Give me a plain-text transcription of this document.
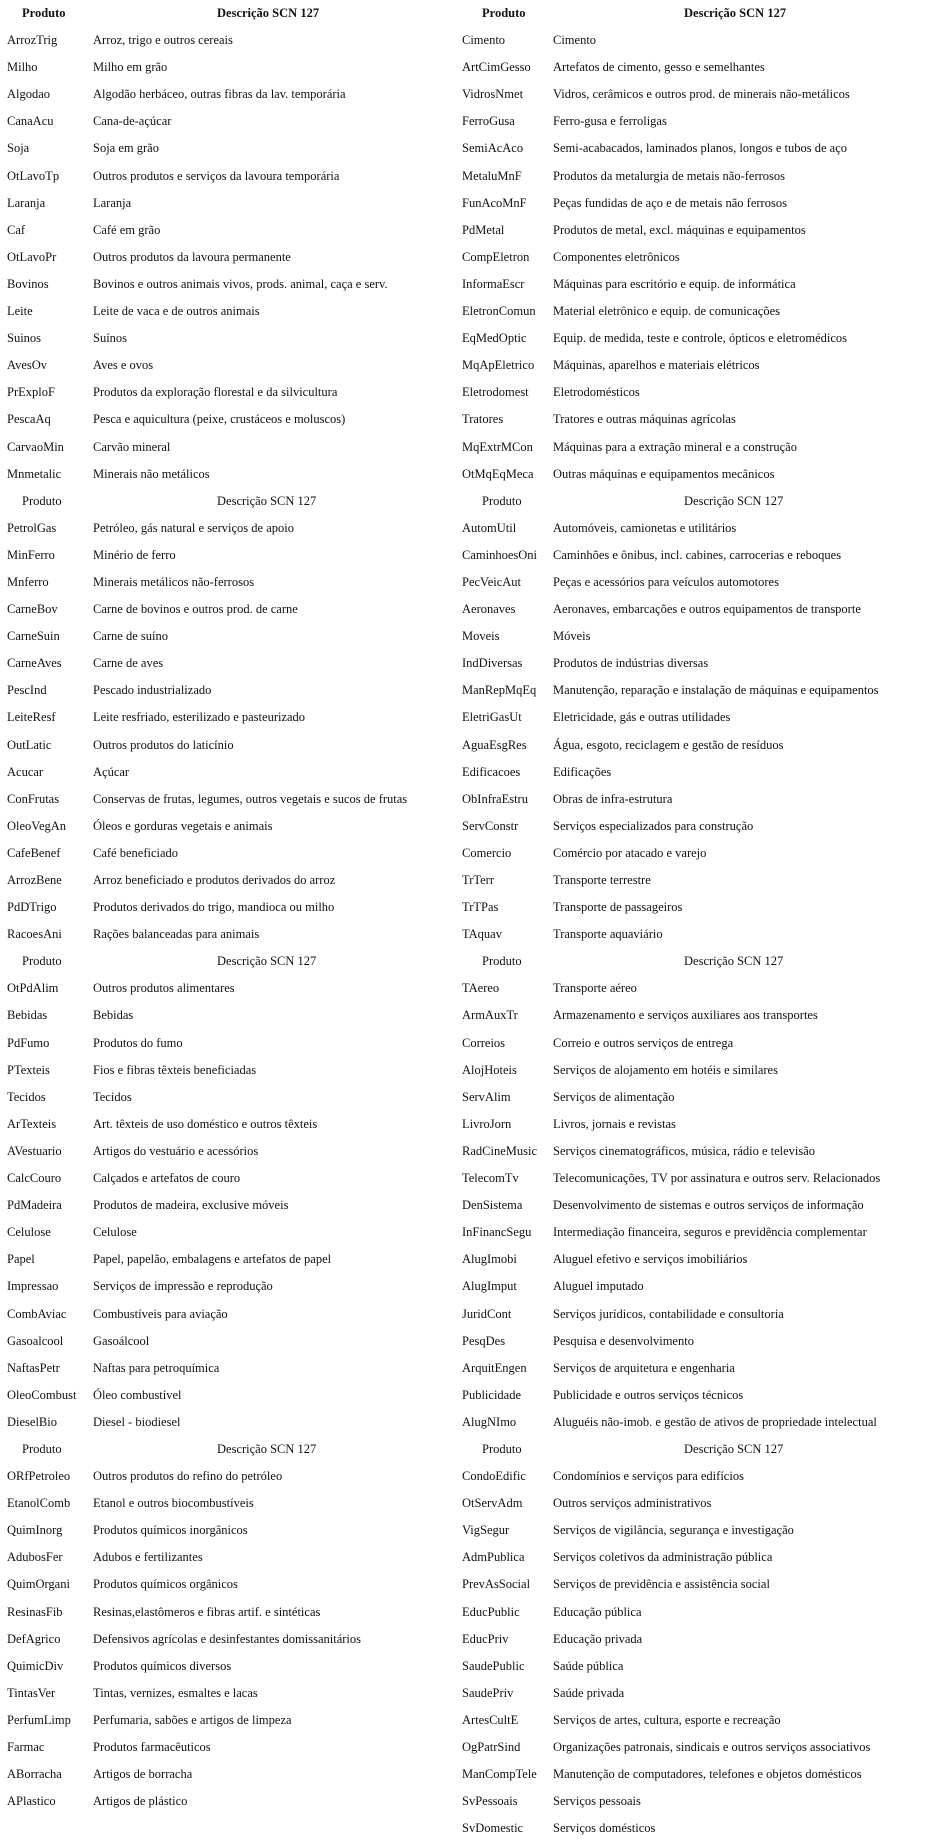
Produto	Descrição SCN 127
ArrozTrig	Arroz, trigo e outros cereais
Milho	Milho em grão
Algodao	Algodão herbáceo, outras fibras da lav. temporária
CanaAcu	Cana-de-açúcar
Soja	Soja em grão
OtLavoTp	Outros produtos e serviços da lavoura temporária
Laranja	Laranja
Caf	Café em grão
OtLavoPr	Outros produtos da lavoura permanente
Bovinos	Bovinos e outros animais vivos, prods. animal, caça e serv.
Leite	Leite de vaca e de outros animais
Suinos	Suínos
AvesOv	Aves e ovos
PrExploF	Produtos da exploração florestal e da silvicultura
PescaAq	Pesca e aquicultura (peixe, crustáceos e moluscos)
CarvaoMin Carvão mineral
Mnmetalic	Minerais não metálicos
Produto	Descrição SCN 127
PetrolGas	Petróleo, gás natural e serviços de apoio
MinFerro	Minério de ferro
Mnferro	Minerais metálicos não-ferrosos
CarneBov	Carne de bovinos e outros prod. de carne
CarneSuin	Carne de suíno
CarneAves	Carne de aves
PescInd	Pescado industrializado
LeiteResf	Leite resfriado, esterilizado e pasteurizado
OutLatic	Outros produtos do laticínio
Acucar	Açúcar
ConFrutas	Conservas de frutas, legumes, outros vegetais e sucos de frutas
OleoVegAn Óleos e gorduras vegetais e animais
CafeBenef	Café beneficiado
ArrozBene Arroz beneficiado e produtos derivados do arroz
PdDTrigo	Produtos derivados do trigo, mandioca ou milho
RacoesAni Rações balanceadas para animais
Produto	Descrição SCN 127
OtPdAlim	Outros produtos alimentares
Bebidas	Bebidas
PdFumo	Produtos do fumo
PTexteis	Fios e fibras têxteis beneficiadas
Tecidos	Tecidos
ArTexteis	Art. têxteis de uso doméstico e outros têxteis
AVestuario	Artigos do vestuário e acessórios
CalcCouro	Calçados e artefatos de couro
PdMadeira Produtos de madeira, exclusive móveis
Celulose	Celulose
Papel	Papel, papelão, embalagens e artefatos de papel
Impressao	Serviços de impressão e reprodução
CombAviac Combustíveis para aviação
Gasoalcool Gasoálcool
NaftasPetr	Naftas para petroquímica
OleoCombust Óleo combustível
DieselBio	Diesel - biodiesel
Produto	Descrição SCN 127
ORfPetroleo Outros produtos do refino do petróleo
EtanolComb Etanol e outros biocombustíveis
QuimInorg Produtos químicos inorgânicos
AdubosFer Adubos e fertilizantes
QuimOrgani Produtos químicos orgânicos
ResinasFib Resinas,elastômeros e fibras artif. e sintéticas
DefAgrico	Defensivos agrícolas e desinfestantes domissanitários
QuimicDiv Produtos químicos diversos
TintasVer	Tintas, vernizes, esmaltes e lacas
PerfumLimp Perfumaria, sabões e artigos de limpeza
Farmac	Produtos farmacêuticos
ABorracha Artigos de borracha
APlastico	Artigos de plástico
Produto	Descrição SCN 127
Cimento	Cimento
ArtCimGesso Artefatos de cimento, gesso e semelhantes
VidrosNmet Vidros, cerâmicos e outros prod. de minerais não-metálicos
FerroGusa	Ferro-gusa e ferroligas
SemiAcAco Semi-acabacados, laminados planos, longos e tubos de aço
MetaluMnF	Produtos da metalurgia de metais não-ferrosos
FunAcoMnF Peças fundidas de aço e de metais não ferrosos
PdMetal	Produtos de metal, excl. máquinas e equipamentos
CompEletron Componentes eletrônicos
InformaEscr Máquinas para escritório e equip. de informática
EletronComun Material eletrônico e equip. de comunicações
EqMedOptic Equip. de medida, teste e controle, ópticos e eletromédicos
MqApEletrico Máquinas, aparelhos e materiais elétricos
Eletrodomest Eletrodomésticos
Tratores	Tratores e outras máquinas agrícolas
MqExtrMCon Máquinas para a extração mineral e a construção
OtMqEqMeca Outras máquinas e equipamentos mecânicos
Produto	Descrição SCN 127
AutomUtil	Automóveis, camionetas e utilitários
CaminhoesOni Caminhões e ônibus, incl. cabines, carrocerias e reboques
PecVeicAut	Peças e acessórios para veículos automotores
Aeronaves	Aeronaves, embarcações e outros equipamentos de transporte
Moveis	Móveis
IndDiversas Produtos de indústrias diversas
ManRepMqEq Manutenção, reparação e instalação de máquinas e equipamentos
EletriGasUt	Eletricidade, gás e outras utilidades
AguaEsgRes Água, esgoto, reciclagem e gestão de resíduos
Edificacoes	Edificações
ObInfraEstru Obras de infra-estrutura
ServConstr	Serviços especializados para construção
Comercio	Comércio por atacado e varejo
TrTerr	Transporte terrestre
TrTPas	Transporte de passageiros
TAquav	Transporte aquaviário
Produto	Descrição SCN 127
TAereo	Transporte aéreo
ArmAuxTr	Armazenamento e serviços auxiliares aos transportes
Correios	Correio e outros serviços de entrega
AlojHoteis	Serviços de alojamento em hotéis e similares
ServAlim	Serviços de alimentação
LivroJorn	Livros, jornais e revistas
RadCineMusic Serviços cinematográficos, música, rádio e televisão
TelecomTv	Telecomunicações, TV por assinatura e outros serv. Relacionados
DenSistema Desenvolvimento de sistemas e outros serviços de informação
InFinancSegu Intermediação financeira, seguros e previdência complementar
AlugImobi	Aluguel efetivo e serviços imobiliários
AlugImput	Aluguel imputado
JuridCont	Serviços jurídicos, contabilidade e consultoria
PesqDes	Pesquisa e desenvolvimento
ArquitEngen Serviços de arquitetura e engenharia
Publicidade	Publicidade e outros serviços técnicos
AlugNImo	Aluguéis não-imob. e gestão de ativos de propriedade intelectual
Produto	Descrição SCN 127
CondoEdific Condomínios e serviços para edifícios
OtServAdm Outros serviços administrativos
VigSegur	Serviços de vigilância, segurança e investigação
AdmPublica Serviços coletivos da administração pública
PrevAsSocial Serviços de previdência e assistência social
EducPublic	Educação pública
EducPriv	Educação privada
SaudePublic Saúde pública
SaudePriv	Saúde privada
ArtesCultE	Serviços de artes, cultura, esporte e recreação
OgPatrSind	Organizações patronais, sindicais e outros serviços associativos
ManCompTele Manutenção de computadores, telefones e objetos domésticos
SvPessoais	Serviços pessoais
SvDomestic Serviços domésticos
